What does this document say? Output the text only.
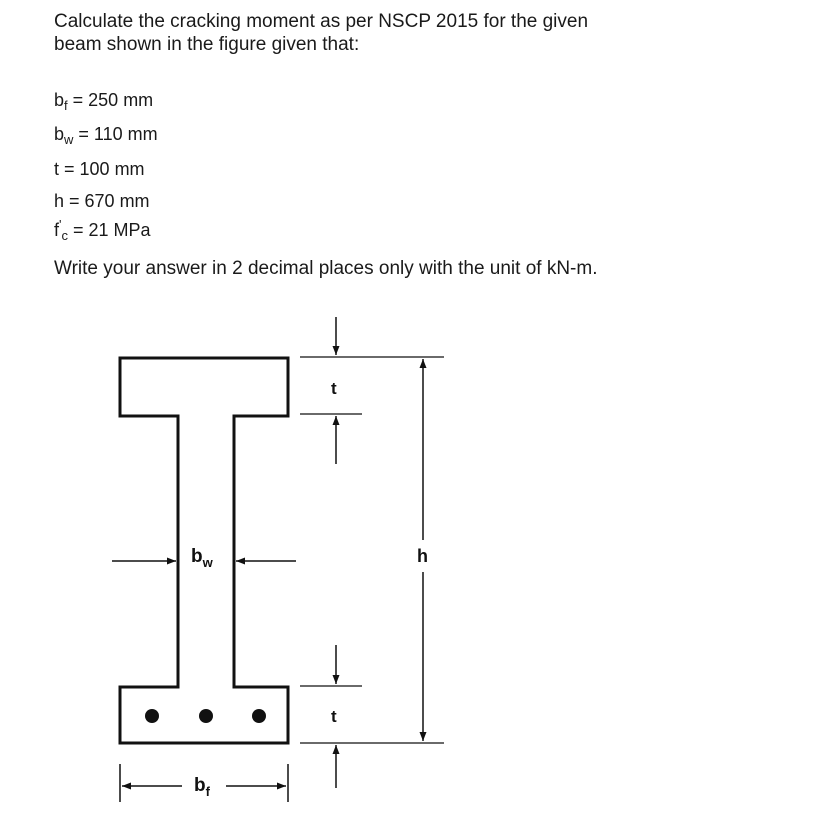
Calculate the cracking moment as per NSCP 2015 for the given beam shown in the figure given that:

$b_f = 250$ mm
$b_w = 110$ mm
t = 100 mm
h = 670 mm
$f'_c = 21$ MPa

Write your answer in 2 decimal places only with the unit of kN-m.

t
t
h
$b_w$
$b_f$
